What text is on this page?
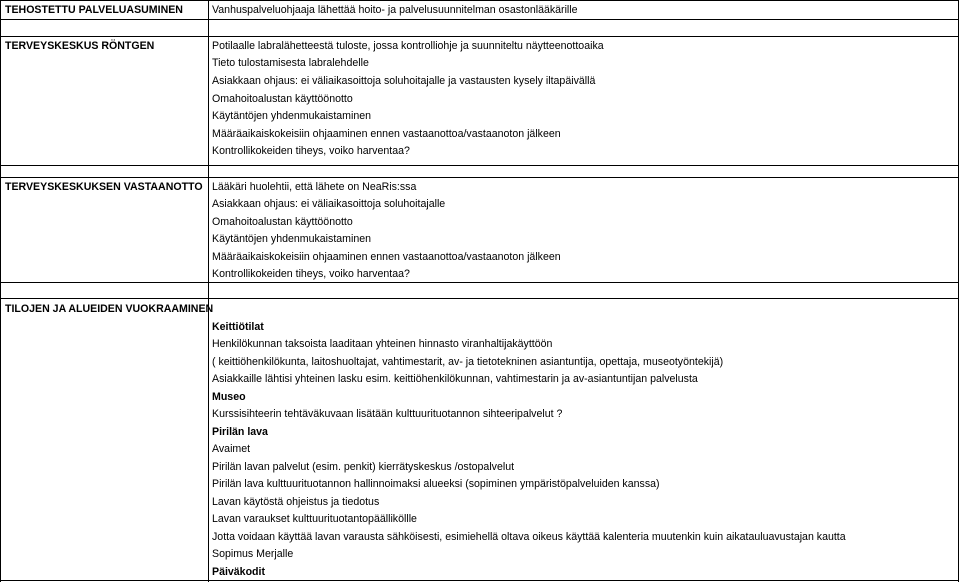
TEHOSTETTU PALVELUASUMINEN	Vanhuspalveluohjaaja lähettää hoito- ja palvelusuunnitelman osastonlääkärille
TERVEYSKESKUS RÖNTGEN	Potilaalle labralähetteestä tuloste, jossa kontrolliohje ja suunniteltu näytteenottoaika
Tieto tulostamisesta labralehdelle
Asiakkaan ohjaus: ei väliaikasoittoja soluhoitajalle ja vastausten kysely iltapäivällä
Omahoitoalustan käyttöönotto
Käytäntöjen yhdenmukaistaminen
Määräaikaiskokeisiin ohjaaminen ennen vastaanottoa/vastaanoton jälkeen
Kontrollikokeiden tiheys, voiko harventaa?
TERVEYSKESKUKSEN VASTAANOTTO Lääkäri huolehtii, että lähete on NeaRis:ssa
Asiakkaan ohjaus: ei väliaikasoittoja soluhoitajalle
Omahoitoalustan käyttöönotto
Käytäntöjen yhdenmukaistaminen
Määräaikaiskokeisiin ohjaaminen ennen vastaanottoa/vastaanoton jälkeen
Kontrollikokeiden tiheys, voiko harventaa?
TILOJEN JA ALUEIDEN VUOKRAAMINEN
Keittiötilat
Henkilökunnan taksoista laaditaan yhteinen hinnasto viranhaltijakäyttöön
( keittiöhenkilökunta, laitoshuoltajat, vahtimestarit, av- ja tietotekninen asiantuntija, opettaja, museotyöntekijä)
Asiakkaille lähtisi yhteinen lasku esim. keittiöhenkilökunnan, vahtimestarin ja av-asiantuntijan palvelusta
Museo
Kurssisihteerin tehtäväkuvaan lisätään kulttuurituotannon sihteeripalvelut ?
Pirilän lava
Avaimet
Pirilän lavan palvelut (esim. penkit) kierrätyskeskus /ostopalvelut
Pirilän lava kulttuurituotannon hallinnoimaksi alueeksi (sopiminen ympäristöpalveluiden kanssa)
Lavan käytöstä ohjeistus ja tiedotus
Lavan varaukset kulttuurituotantopäälliköllle
Jotta voidaan käyttää lavan varausta sähköisesti, esimiehellä oltava oikeus käyttää kalenteria muutenkin kuin aikatauluavustajan kautta
Sopimus Merjalle
Päiväkodit
